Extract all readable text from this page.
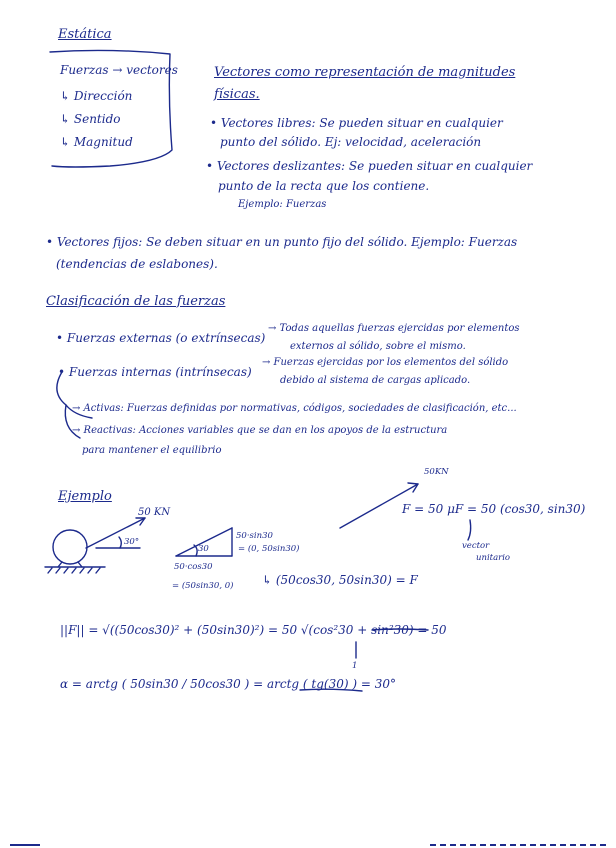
Estática
Fuerzas → vectores
↳ Dirección
↳ Sentido
↳ Magnitud
Vectores como representación de magnitudes
físicas.
• Vectores libres: Se pueden situar en cualquier
punto del sólido. Ej: velocidad, aceleración
• Vectores deslizantes: Se pueden situar en cualquier
punto de la recta que los contiene.
Ejemplo: Fuerzas
• Vectores fijos: Se deben situar en un punto fijo del sólido. Ejemplo: Fuerzas
(tendencias de eslabones).
Clasificación de las fuerzas
• Fuerzas externas (o extrínsecas)
→ Todas aquellas fuerzas ejercidas por elementos
externos al sólido, sobre el mismo.
• Fuerzas internas (intrínsecas)
→ Fuerzas ejercidas por los elementos del sólido
debido al sistema de cargas aplicado.
→ Activas: Fuerzas definidas por normativas, códigos, sociedades de clasificación, etc...
→ Reactivas: Acciones variables que se dan en los apoyos de la estructura
para mantener el equilibrio
Ejemplo
50 KN
30°
30
50·sin30
= (0, 50sin30)
50·cos30
= (50sin30, 0) ↳ (50cos30, 50sin30) = F
50KN
F = 50 μF = 50 (cos30, sin30)
vector
unitario
||F|| = √((50cos30)² + (50sin30)²) = 50 √(cos²30 + sin²30) = 50
1
α = arctg ( 50sin30 / 50cos30 ) = arctg ( tg(30) ) = 30°
